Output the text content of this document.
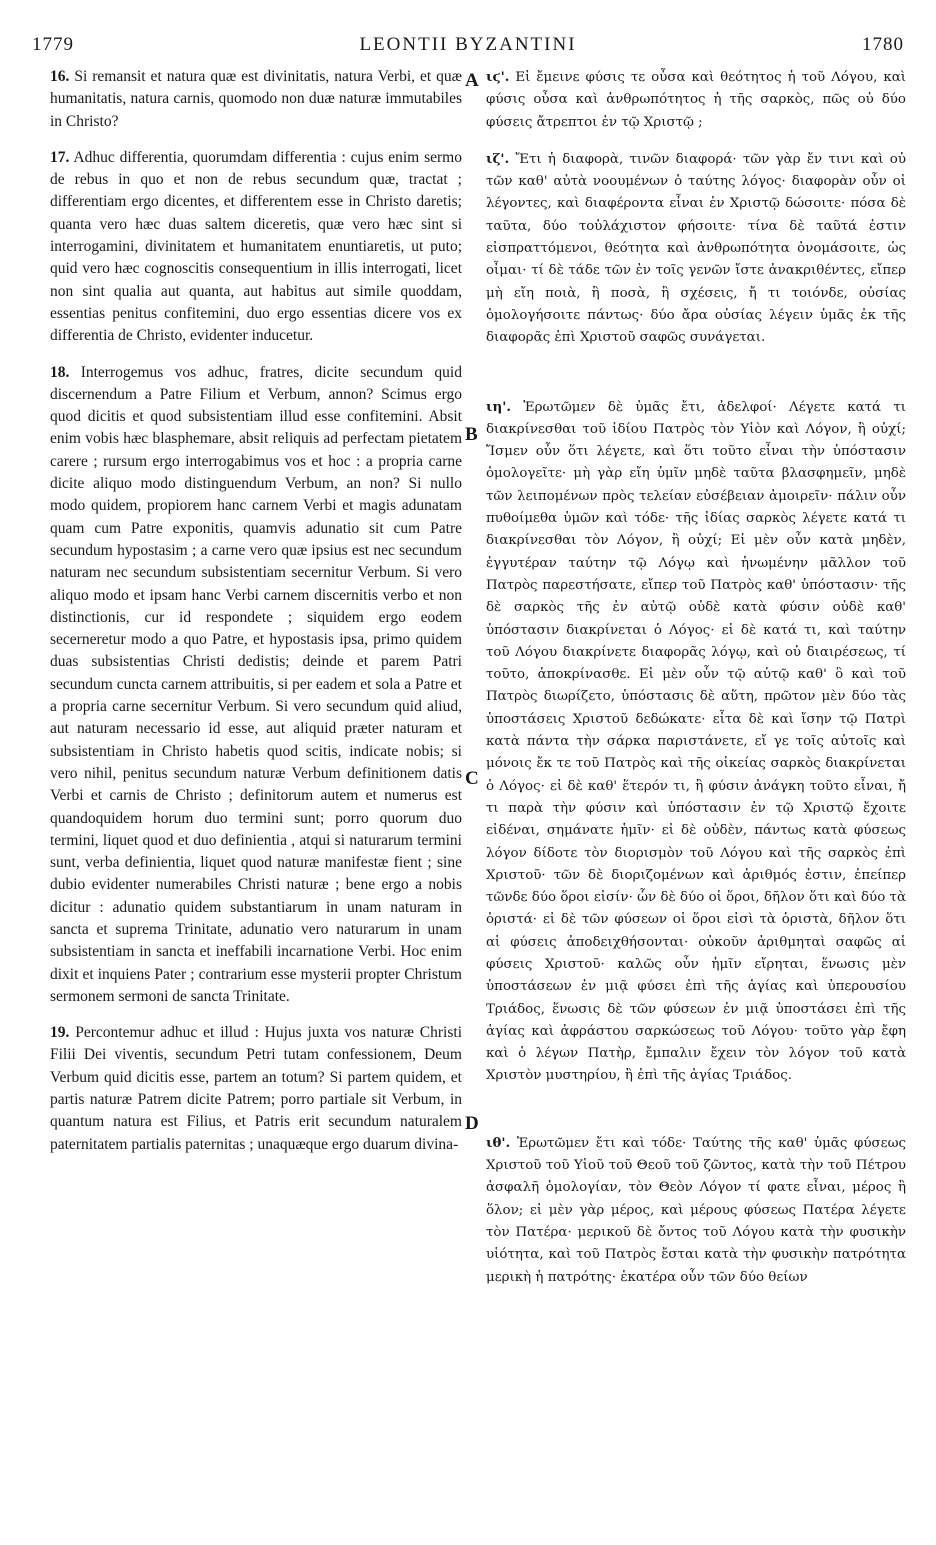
1779	LEONTII BYZANTINI	1780

16. Si remansit et natura quæ est divinitatis, natura Verbi, et quæ humanitatis, natura carnis, quomodo non duæ naturæ immutabiles in Christo?

17. Adhuc differentia, quorumdam differentia : cujus enim sermo de rebus in quo et non de rebus secundum quæ, tractat ; differentiam ergo dicentes, et differentem esse in Christo daretis; quanta vero hæc duas saltem diceretis, quæ vero hæc sint si interrogamini, divinitatem et humanitatem enuntiaretis, ut puto; quid vero hæc cognoscitis consequentium in illis interrogati, licet non sint qualia aut quanta, aut habitus aut simile quoddam, essentias penitus confitemini, duo ergo essentias dicere vos ex differentia de Christo, evidenter inducetur.

18. Interrogemus vos adhuc, fratres, dicite secundum quid discernendum a Patre Filium et Verbum, annon? Scimus ergo quod dicitis et quod subsistentiam illud esse confitemini. Absit enim vobis hæc blasphemare, absit reliquis ad perfectam pietatem carere ; rursum ergo interrogabimus vos et hoc : a propria carne dicite aliquo modo distinguendum Verbum, an non? Si nullo modo quidem, propiorem hanc carnem Verbi et magis adunatam quam cum Patre exponitis, quamvis adunatio sit cum Patre secundum hypostasim ; a carne vero quæ ipsius est nec secundum naturam nec secundum subsistentiam secernitur Verbum. Si vero aliquo modo et ipsam hanc Verbi carnem discernitis verbo et non distinctionis, cur id respondete ; siquidem ergo eodem secerneretur modo a quo Patre, et hypostasis ipsa, primo quidem duas subsistentias Christi dedistis; deinde et parem Patri secundum cuncta carnem attribuitis, si per eadem et sola a Patre et a propria carne secernitur Verbum. Si vero secundum quid aliud, aut naturam necessario id esse, aut aliquid præter naturam et subsistentiam in Christo habetis quod scitis, indicate nobis; si vero nihil, penitus secundum naturæ Verbum definitionem datis Verbi et carnis de Christo ; definitorum autem et numerus est quandoquidem horum duo termini sunt; porro quorum duo termini, liquet quod et duo definientia , atqui si naturarum termini sunt, verba definientia, liquet quod naturæ manifestæ fient ; sine dubio evidenter numerabiles Christi naturæ ; bene ergo a nobis dicitur : adunatio quidem substantiarum in unam naturam in sancta et suprema Trinitate, adunatio vero naturarum in unam subsistentiam in sancta et ineffabili incarnatione Verbi. Hoc enim dixit et inquiens Pater ; contrarium esse mysterii propter Christum sermonem sermoni de sancta Trinitate.

19. Percontemur adhuc et illud : Hujus juxta vos naturæ Christi Filii Dei viventis, secundum Petri tutam confessionem, Deum Verbum quid dicitis esse, partem an totum? Si partem quidem, et partis naturæ Patrem dicite Patrem; porro partiale sit Verbum, in quantum natura est Filius, et Patris erit secundum naturalem paternitatem partialis paternitas ; unaquæque ergo duarum divina-

A
B
C
D

ιϛ'. Εἰ ἔμεινε φύσις τε οὖσα καὶ θεότητος ἡ τοῦ Λόγου, καὶ φύσις οὖσα καὶ ἀνθρωπότητος ἡ τῆς σαρκὸς, πῶς οὐ δύο φύσεις ἄτρεπτοι ἐν τῷ Χριστῷ ;

ιζ'. Ἔτι ἡ διαφορὰ, τινῶν διαφορά· τῶν γὰρ ἔν τινι καὶ οὐ τῶν καθ' αὐτὰ νοουμένων ὁ ταύτης λόγος· διαφορὰν οὖν οἱ λέγοντες, καὶ διαφέροντα εἶναι ἐν Χριστῷ δώσοιτε· πόσα δὲ ταῦτα, δύο τοὐλάχιστον φήσοιτε· τίνα δὲ ταῦτά ἐστιν εἰσπραττόμενοι, θεότητα καὶ ἀνθρωπότητα ὀνομάσοιτε, ὡς οἶμαι· τί δὲ τάδε τῶν ἐν τοῖς γενῶν ἴστε ἀνακριθέντες, εἴπερ μὴ εἴη ποιὰ, ἢ ποσὰ, ἢ σχέσεις, ἤ τι τοιόνδε, οὐσίας ὁμολογήσοιτε πάντως· δύο ἄρα οὐσίας λέγειν ὑμᾶς ἐκ τῆς διαφορᾶς ἐπὶ Χριστοῦ σαφῶς συνάγεται.

ιη'. Ἐρωτῶμεν δὲ ὑμᾶς ἔτι, ἀδελφοί· Λέγετε κατά τι διακρίνεσθαι τοῦ ἰδίου Πατρὸς τὸν Υἱὸν καὶ Λόγον, ἢ οὐχί; Ἴσμεν οὖν ὅτι λέγετε, καὶ ὅτι τοῦτο εἶναι τὴν ὑπόστασιν ὁμολογεῖτε· μὴ γὰρ εἴη ὑμῖν μηδὲ ταῦτα βλασφημεῖν, μηδὲ τῶν λειπομένων πρὸς τελείαν εὐσέβειαν ἀμοιρεῖν· πάλιν οὖν πυθοίμεθα ὑμῶν καὶ τόδε· τῆς ἰδίας σαρκὸς λέγετε κατά τι διακρίνεσθαι τὸν Λόγον, ἢ οὐχί; Εἰ μὲν οὖν κατὰ μηδὲν, ἐγγυτέραν ταύτην τῷ Λόγῳ καὶ ἡνωμένην μᾶλλον τοῦ Πατρὸς παρεστήσατε, εἴπερ τοῦ Πατρὸς καθ' ὑπόστασιν· τῆς δὲ σαρκὸς τῆς ἐν αὐτῷ οὐδὲ κατὰ φύσιν οὐδὲ καθ' ὑπόστασιν διακρίνεται ὁ Λόγος· εἰ δὲ κατά τι, καὶ ταύτην τοῦ Λόγου διακρίνετε διαφορᾶς λόγῳ, καὶ οὐ διαιρέσεως, τί τοῦτο, ἀποκρίνασθε. Εἰ μὲν οὖν τῷ αὐτῷ καθ' ὃ καὶ τοῦ Πατρὸς διωρίζετο, ὑπόστασις δὲ αὕτη, πρῶτον μὲν δύο τὰς ὑποστάσεις Χριστοῦ δεδώκατε· εἶτα δὲ καὶ ἴσην τῷ Πατρὶ κατὰ πάντα τὴν σάρκα παριστάνετε, εἴ γε τοῖς αὐτοῖς καὶ μόνοις ἔκ τε τοῦ Πατρὸς καὶ τῆς οἰκείας σαρκὸς διακρίνεται ὁ Λόγος· εἰ δὲ καθ' ἕτερόν τι, ἢ φύσιν ἀνάγκη τοῦτο εἶναι, ἤ τι παρὰ τὴν φύσιν καὶ ὑπόστασιν ἐν τῷ Χριστῷ ἔχοιτε εἰδέναι, σημάνατε ἡμῖν· εἰ δὲ οὐδὲν, πάντως κατὰ φύσεως λόγον δίδοτε τὸν διορισμὸν τοῦ Λόγου καὶ τῆς σαρκὸς ἐπὶ Χριστοῦ· τῶν δὲ διοριζομένων καὶ ἀριθμός ἐστιν, ἐπείπερ τῶνδε δύο ὅροι εἰσίν· ὧν δὲ δύο οἱ ὅροι, δῆλον ὅτι καὶ δύο τὰ ὁριστά· εἰ δὲ τῶν φύσεων οἱ ὅροι εἰσὶ τὰ ὁριστὰ, δῆλον ὅτι αἱ φύσεις ἀποδειχθήσονται· οὐκοῦν ἀριθμηταὶ σαφῶς αἱ φύσεις Χριστοῦ· καλῶς οὖν ἡμῖν εἴρηται, ἕνωσις μὲν ὑποστάσεων ἐν μιᾷ φύσει ἐπὶ τῆς ἁγίας καὶ ὑπερουσίου Τριάδος, ἕνωσις δὲ τῶν φύσεων ἐν μιᾷ ὑποστάσει ἐπὶ τῆς ἁγίας καὶ ἀφράστου σαρκώσεως τοῦ Λόγου· τοῦτο γὰρ ἔφη καὶ ὁ λέγων Πατὴρ, ἔμπαλιν ἔχειν τὸν λόγον τοῦ κατὰ Χριστὸν μυστηρίου, ἢ ἐπὶ τῆς ἁγίας Τριάδος.

ιθ'. Ἐρωτῶμεν ἔτι καὶ τόδε· Ταύτης τῆς καθ' ὑμᾶς φύσεως Χριστοῦ τοῦ Υἱοῦ τοῦ Θεοῦ τοῦ ζῶντος, κατὰ τὴν τοῦ Πέτρου ἀσφαλῆ ὁμολογίαν, τὸν Θεὸν Λόγον τί φατε εἶναι, μέρος ἢ ὅλον; εἰ μὲν γὰρ μέρος, καὶ μέρους φύσεως Πατέρα λέγετε τὸν Πατέρα· μερικοῦ δὲ ὄντος τοῦ Λόγου κατὰ τὴν φυσικὴν υἱότητα, καὶ τοῦ Πατρὸς ἔσται κατὰ τὴν φυσικὴν πατρότητα μερικὴ ἡ πατρότης· ἑκατέρα οὖν τῶν δύο θείων
